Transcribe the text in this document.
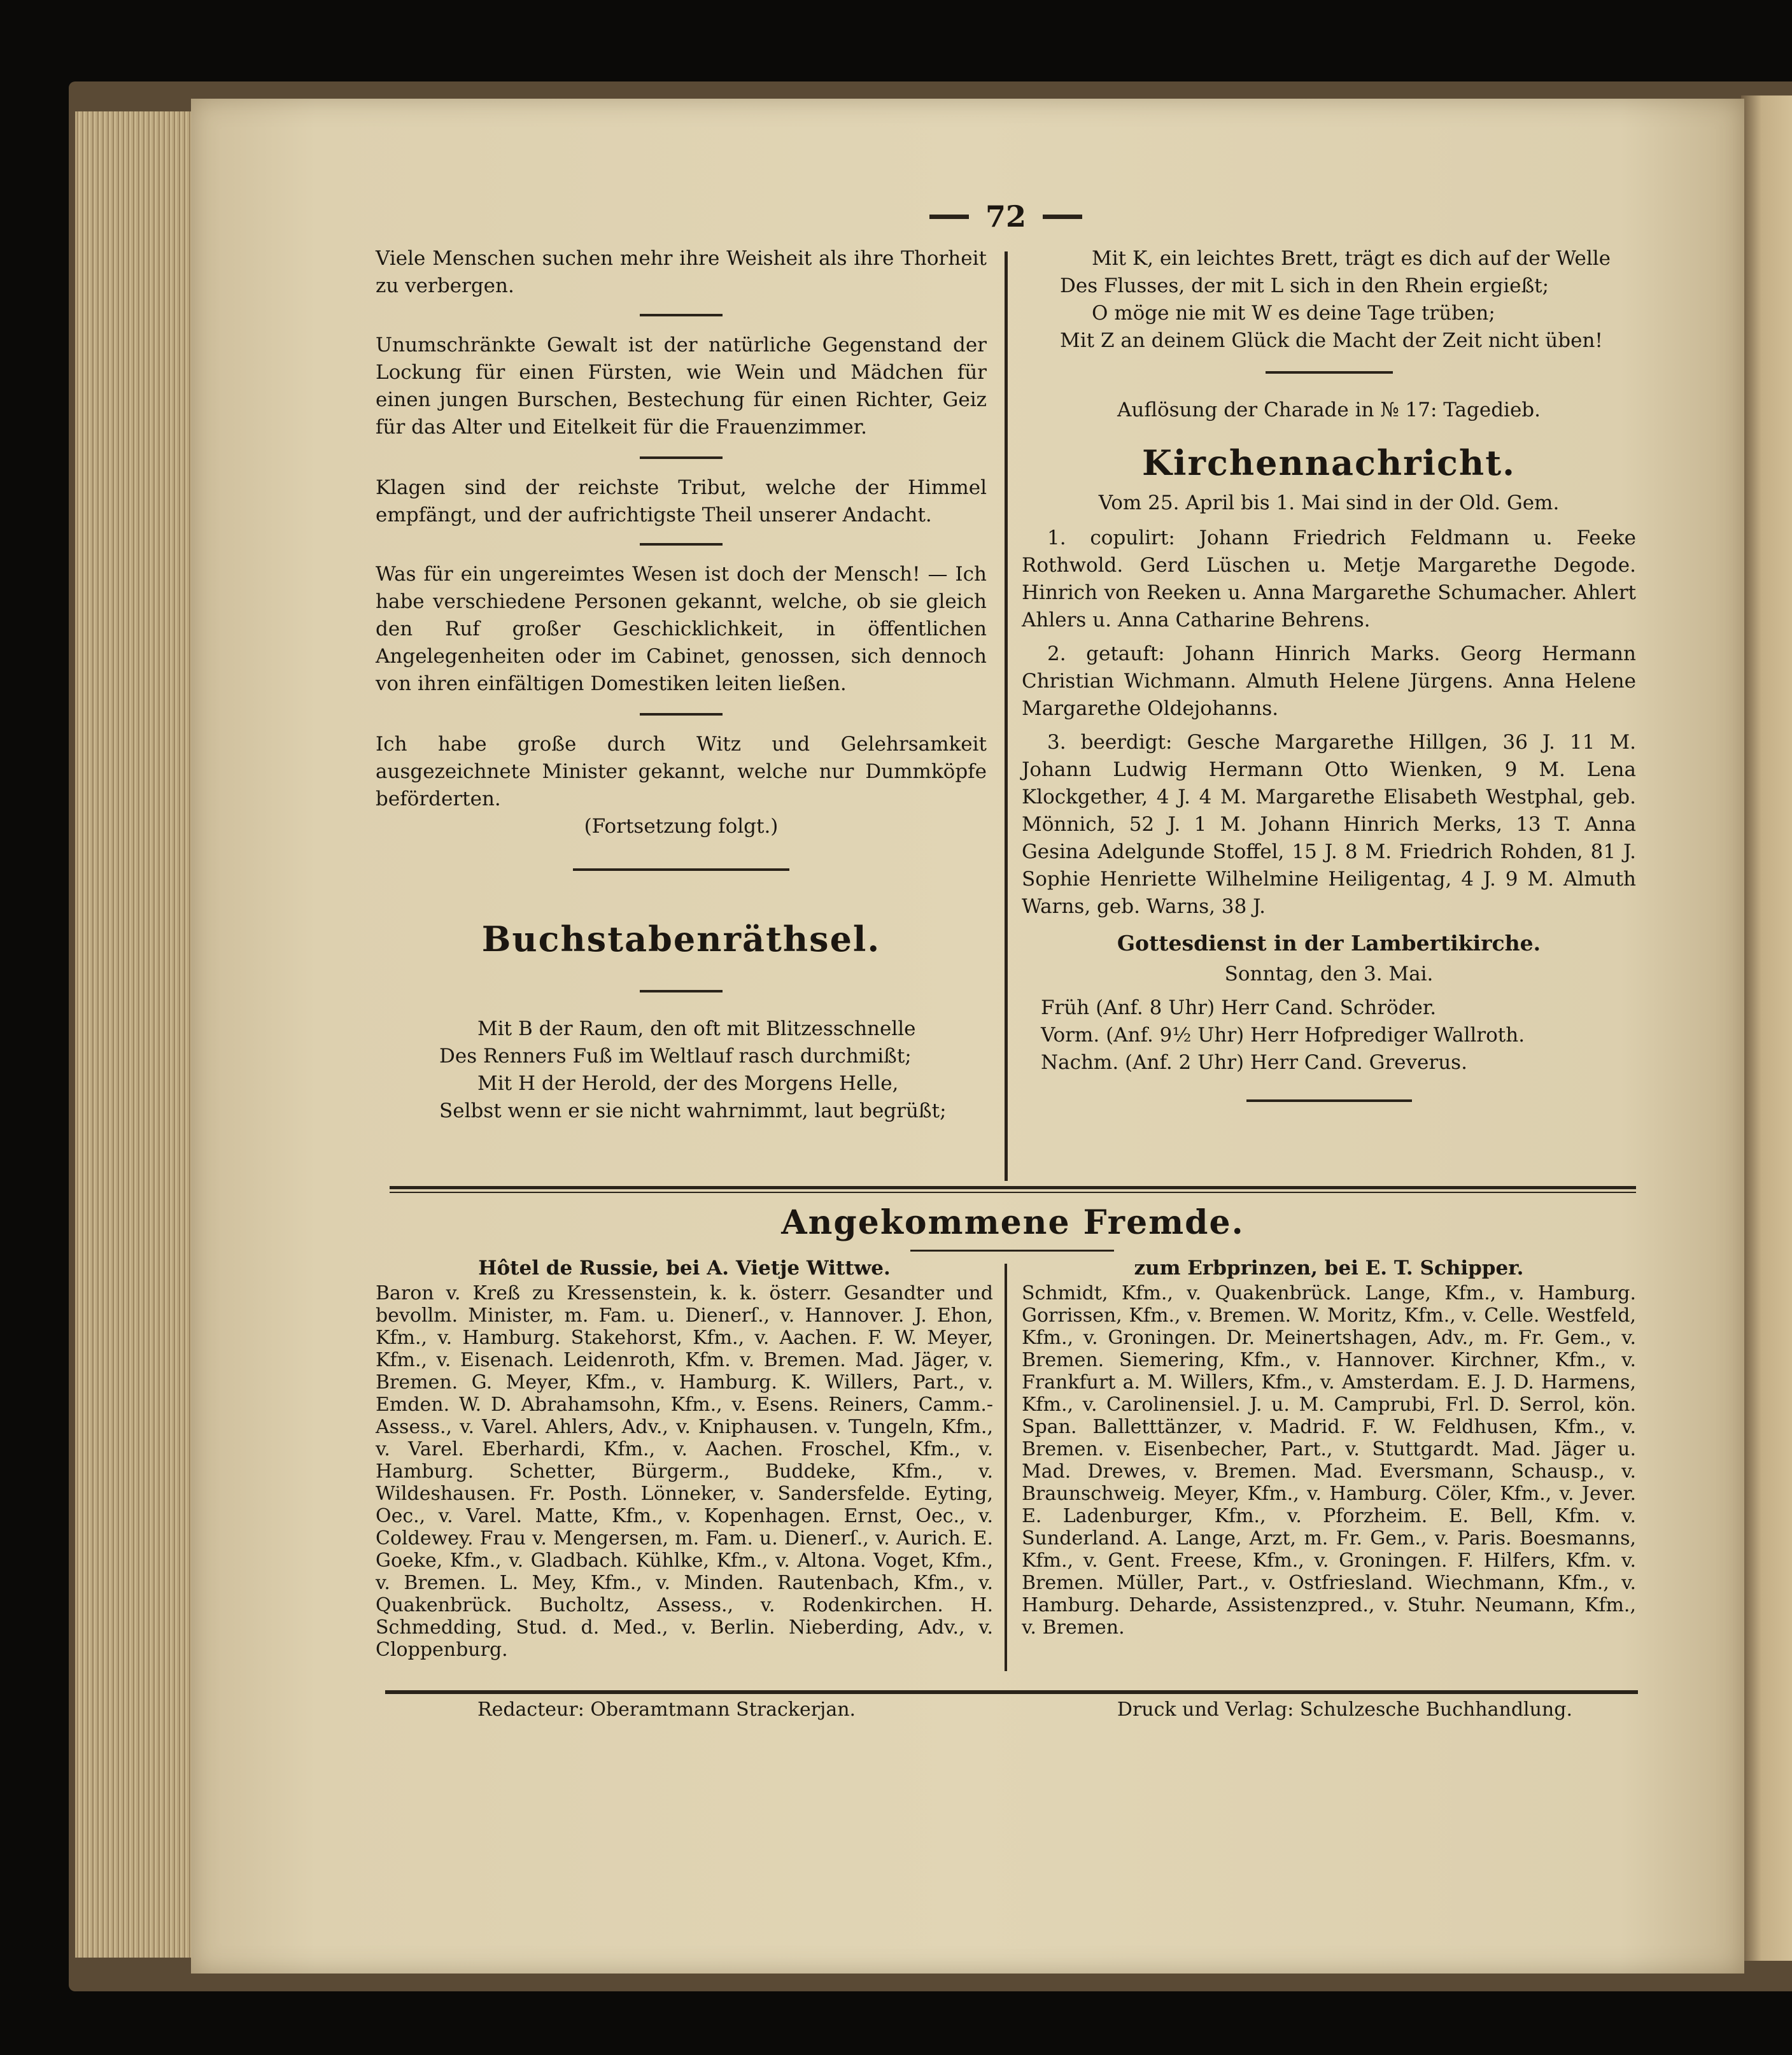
72

Viele Menschen suchen mehr ihre Weisheit als ihre Thorheit zu verbergen.

Unumschränkte Gewalt ist der natürliche Gegenstand der Lockung für einen Fürsten, wie Wein und Mädchen für einen jungen Burschen, Bestechung für einen Richter, Geiz für das Alter und Eitelkeit für die Frauenzimmer.

Klagen sind der reichste Tribut, welche der Himmel empfängt, und der aufrichtigste Theil unserer Andacht.

Was für ein ungereimtes Wesen ist doch der Mensch! — Ich habe verschiedene Personen gekannt, welche, ob sie gleich den Ruf großer Geschicklichkeit, in öffentlichen Angelegenheiten oder im Cabinet, genossen, sich dennoch von ihren einfältigen Domestiken leiten ließen.

Ich habe große durch Witz und Gelehrsamkeit ausgezeichnete Minister gekannt, welche nur Dummköpfe beförderten.

(Fortsetzung folgt.)

Buchstabenräthsel.

Mit B der Raum, den oft mit Blitzesschnelle

Des Renners Fuß im Weltlauf rasch durchmißt;

Mit H der Herold, der des Morgens Helle,

Selbst wenn er sie nicht wahrnimmt, laut begrüßt;

Mit K, ein leichtes Brett, trägt es dich auf der Welle

Des Flusses, der mit L sich in den Rhein ergießt;

O möge nie mit W es deine Tage trüben;

Mit Z an deinem Glück die Macht der Zeit nicht üben!

Auflösung der Charade in № 17: Tagedieb.

Kirchennachricht.

Vom 25. April bis 1. Mai sind in der Old. Gem.

1. copulirt: Johann Friedrich Feldmann u. Feeke Rothwold. Gerd Lüschen u. Metje Margarethe Degode. Hinrich von Reeken u. Anna Margarethe Schumacher. Ahlert Ahlers u. Anna Catharine Behrens.

2. getauft: Johann Hinrich Marks. Georg Hermann Christian Wichmann. Almuth Helene Jürgens. Anna Helene Margarethe Oldejohanns.

3. beerdigt: Gesche Margarethe Hillgen, 36 J. 11 M. Johann Ludwig Hermann Otto Wienken, 9 M. Lena Klockgether, 4 J. 4 M. Margarethe Elisabeth Westphal, geb. Mönnich, 52 J. 1 M. Johann Hinrich Merks, 13 T. Anna Gesina Adelgunde Stoffel, 15 J. 8 M. Friedrich Rohden, 81 J. Sophie Henriette Wilhelmine Heiligentag, 4 J. 9 M. Almuth Warns, geb. Warns, 38 J.

Gottesdienst in der Lambertikirche.

Sonntag, den 3. Mai.

Früh (Anf. 8 Uhr) Herr Cand. Schröder.

Vorm. (Anf. 9½ Uhr) Herr Hofprediger Wallroth.

Nachm. (Anf. 2 Uhr) Herr Cand. Greverus.

Angekommene Fremde.
Hôtel de Russie, bei A. Vietje Wittwe.

Baron v. Kreß zu Kressenstein, k. k. österr. Gesandter und bevollm. Minister, m. Fam. u. Dienerſ., v. Hannover. J. Ehon, Kfm., v. Hamburg. Stakehorst, Kfm., v. Aachen. F. W. Meyer, Kfm., v. Eisenach. Leidenroth, Kfm. v. Bremen. Mad. Jäger, v. Bremen. G. Meyer, Kfm., v. Hamburg. K. Willers, Part., v. Emden. W. D. Abrahamsohn, Kfm., v. Esens. Reiners, Camm.-Assess., v. Varel. Ahlers, Adv., v. Kniphausen. v. Tungeln, Kfm., v. Varel. Eberhardi, Kfm., v. Aachen. Froschel, Kfm., v. Hamburg. Schetter, Bürgerm., Buddeke, Kfm., v. Wildeshausen. Fr. Posth. Lönneker, v. Sandersfelde. Eyting, Oec., v. Varel. Matte, Kfm., v. Kopenhagen. Ernst, Oec., v. Coldewey. Frau v. Mengersen, m. Fam. u. Dienerſ., v. Aurich. E. Goeke, Kfm., v. Gladbach. Kühlke, Kfm., v. Altona. Voget, Kfm., v. Bremen. L. Mey, Kfm., v. Minden. Rautenbach, Kfm., v. Quakenbrück. Bucholtz, Assess., v. Rodenkirchen. H. Schmedding, Stud. d. Med., v. Berlin. Nieberding, Adv., v. Cloppenburg.

zum Erbprinzen, bei E. T. Schipper.

Schmidt, Kfm., v. Quakenbrück. Lange, Kfm., v. Hamburg. Gorrissen, Kfm., v. Bremen. W. Moritz, Kfm., v. Celle. Westfeld, Kfm., v. Groningen. Dr. Meinertshagen, Adv., m. Fr. Gem., v. Bremen. Siemering, Kfm., v. Hannover. Kirchner, Kfm., v. Frankfurt a. M. Willers, Kfm., v. Amsterdam. E. J. D. Harmens, Kfm., v. Carolinensiel. J. u. M. Camprubi, Frl. D. Serrol, kön. Span. Balletttänzer, v. Madrid. F. W. Feldhusen, Kfm., v. Bremen. v. Eisenbecher, Part., v. Stuttgardt. Mad. Jäger u. Mad. Drewes, v. Bremen. Mad. Eversmann, Schausp., v. Braunschweig. Meyer, Kfm., v. Hamburg. Cöler, Kfm., v. Jever. E. Ladenburger, Kfm., v. Pforzheim. E. Bell, Kfm. v. Sunderland. A. Lange, Arzt, m. Fr. Gem., v. Paris. Boesmanns, Kfm., v. Gent. Freese, Kfm., v. Groningen. F. Hilfers, Kfm. v. Bremen. Müller, Part., v. Ostfriesland. Wiechmann, Kfm., v. Hamburg. Deharde, Assistenzpred., v. Stuhr. Neumann, Kfm., v. Bremen.

Redacteur: Oberamtmann Strackerjan.	Druck und Verlag: Schulzesche Buchhandlung.
